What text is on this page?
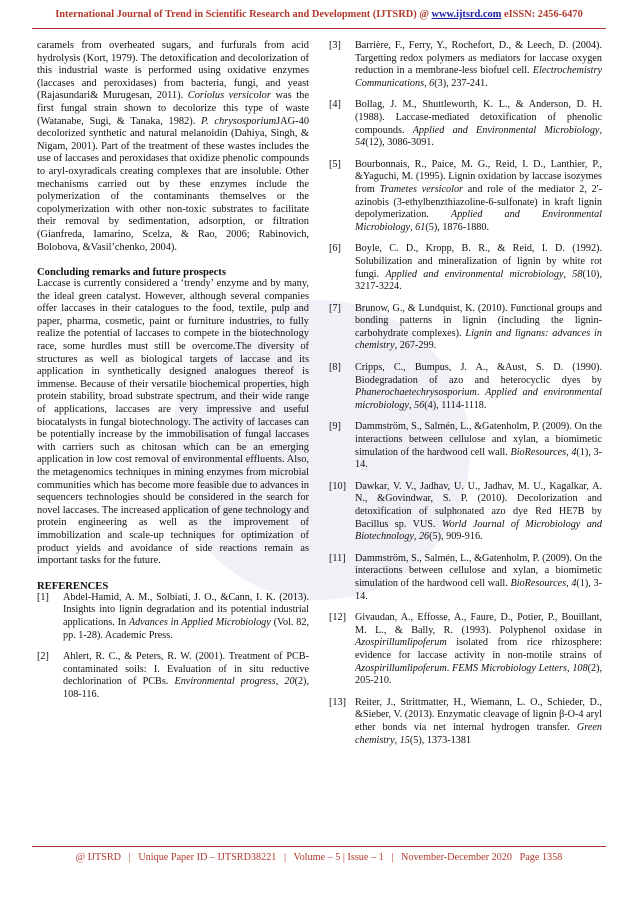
International Journal of Trend in Scientific Research and Development (IJTSRD) @ www.ijtsrd.com eISSN: 2456-6470

caramels from overheated sugars, and furfurals from acid hydrolysis (Kort, 1979). The detoxification and decolorization of this industrial waste is performed using oxidative enzymes (laccases and peroxidases) from bacteria, fungi, and yeast (Rajasundari& Murugesan, 2011). Coriolus versicolor was the first fungal strain shown to decolorize this type of waste (Watanabe, Sugi, & Tanaka, 1982). P. chrysosporiumJAG-40 decolorized synthetic and natural melanoidin (Dahiya, Singh, & Nigam, 2001). Part of the treatment of these wastes includes the use of laccases and peroxidases that oxidize phenolic compounds to aryl-oxyradicals creating complexes that are insoluble. Other mechanisms carried out by these enzymes include the polymerization of the contaminants themselves or the copolymerization with other non-toxic substrates to facilitate their removal by sedimentation, adsorption, or filtration (Gianfreda, Iamarino, Scelza, & Rao, 2006; Rabinovich, Bolobova, &Vasil’chenko, 2004).

Concluding remarks and future prospects

Laccase is currently considered a ‘trendy’ enzyme and by many, the ideal green catalyst. However, although several companies offer laccases in their catalogues to the food, textile, pulp and paper, pharma, cosmetic, paint or furniture industries, to fully realize the potential of laccases to compete in the biotechnology race, some hurdles must still be overcome.The diversity of structures as well as biological targets of laccase and its application in synthetically designed analogues thereof is immense. Because of their versatile biochemical properties, high protein stability, broad substrate spectrum, and their wide range of applications, laccases are very impressive and useful biocatalysts in fungal biotechnology. The activity of laccases can be potentially increase by the immobilisation of fungal laccases with carriers such as chitosan which can be an emerging application in low cost removal of environmental effluents. Also, the metagenomics techniques in mining enzymes from microbial communities which has become more feasible due to advances in sequencers technologies should be considered in the search for novel laccases. The increased application of gene technology and protein engineering as well as the improvement of immobilization and scale-up techniques for optimization of product yields and avoidance of side reactions remain as important tasks for the future.

REFERENCES

[1]	Abdel-Hamid, A. M., Solbiati, J. O., &Cann, I. K. (2013). Insights into lignin degradation and its potential industrial applications. In Advances in Applied Microbiology (Vol. 82, pp. 1-28). Academic Press.
[2]	Ahlert, R. C., & Peters, R. W. (2001). Treatment of PCB-contaminated soils: I. Evaluation of in situ reductive dechlorination of PCBs. Environmental progress, 20(2), 108-116.
[3]	Barrière, F., Ferry, Y., Rochefort, D., & Leech, D. (2004). Targetting redox polymers as mediators for laccase oxygen reduction in a membrane-less biofuel cell. Electrochemistry Communications, 6(3), 237-241.
[4]	Bollag, J. M., Shuttleworth, K. L., & Anderson, D. H. (1988). Laccase-mediated detoxification of phenolic compounds. Applied and Environmental Microbiology, 54(12), 3086-3091.
[5]	Bourbonnais, R., Paice, M. G., Reid, I. D., Lanthier, P., &Yaguchi, M. (1995). Lignin oxidation by laccase isozymes from Trametes versicolor and role of the mediator 2, 2'-azinobis (3-ethylbenzthiazoline-6-sulfonate) in kraft lignin depolymerization. Applied and Environmental Microbiology, 61(5), 1876-1880.
[6]	Boyle, C. D., Kropp, B. R., & Reid, I. D. (1992). Solubilization and mineralization of lignin by white rot fungi. Applied and environmental microbiology, 58(10), 3217-3224.
[7]	Brunow, G., & Lundquist, K. (2010). Functional groups and bonding patterns in lignin (including the lignin-carbohydrate complexes). Lignin and lignans: advances in chemistry, 267-299.
[8]	Cripps, C., Bumpus, J. A., &Aust, S. D. (1990). Biodegradation of azo and heterocyclic dyes by Phanerochaetechrysosporium. Applied and environmental microbiology, 56(4), 1114-1118.
[9]	Dammström, S., Salmén, L., &Gatenholm, P. (2009). On the interactions between cellulose and xylan, a biomimetic simulation of the hardwood cell wall. BioResources, 4(1), 3-14.
[10] Dawkar, V. V., Jadhav, U. U., Jadhav, M. U., Kagalkar, A. N., &Govindwar, S. P. (2010). Decolorization and detoxification of sulphonated azo dye Red HE7B by Bacillus sp. VUS. World Journal of Microbiology and Biotechnology, 26(5), 909-916.
[11] Dammström, S., Salmén, L., &Gatenholm, P. (2009). On the interactions between cellulose and xylan, a biomimetic simulation of the hardwood cell wall. BioResources, 4(1), 3-14.
[12] Givaudan, A., Effosse, A., Faure, D., Potier, P., Bouillant, M. L., & Bally, R. (1993). Polyphenol oxidase in Azospirillumlipoferum isolated from rice rhizosphere: evidence for laccase activity in non-motile strains of Azospirillumlipoferum. FEMS Microbiology Letters, 108(2), 205-210.
[13] Reiter, J., Strittmatter, H., Wiemann, L. O., Schieder, D., &Sieber, V. (2013). Enzymatic cleavage of lignin β-O-4 aryl ether bonds via net internal hydrogen transfer. Green chemistry, 15(5), 1373-1381
@ IJTSRD   |   Unique Paper ID – IJTSRD38221   |   Volume – 5 | Issue – 1   |   November-December 2020   Page 1358
